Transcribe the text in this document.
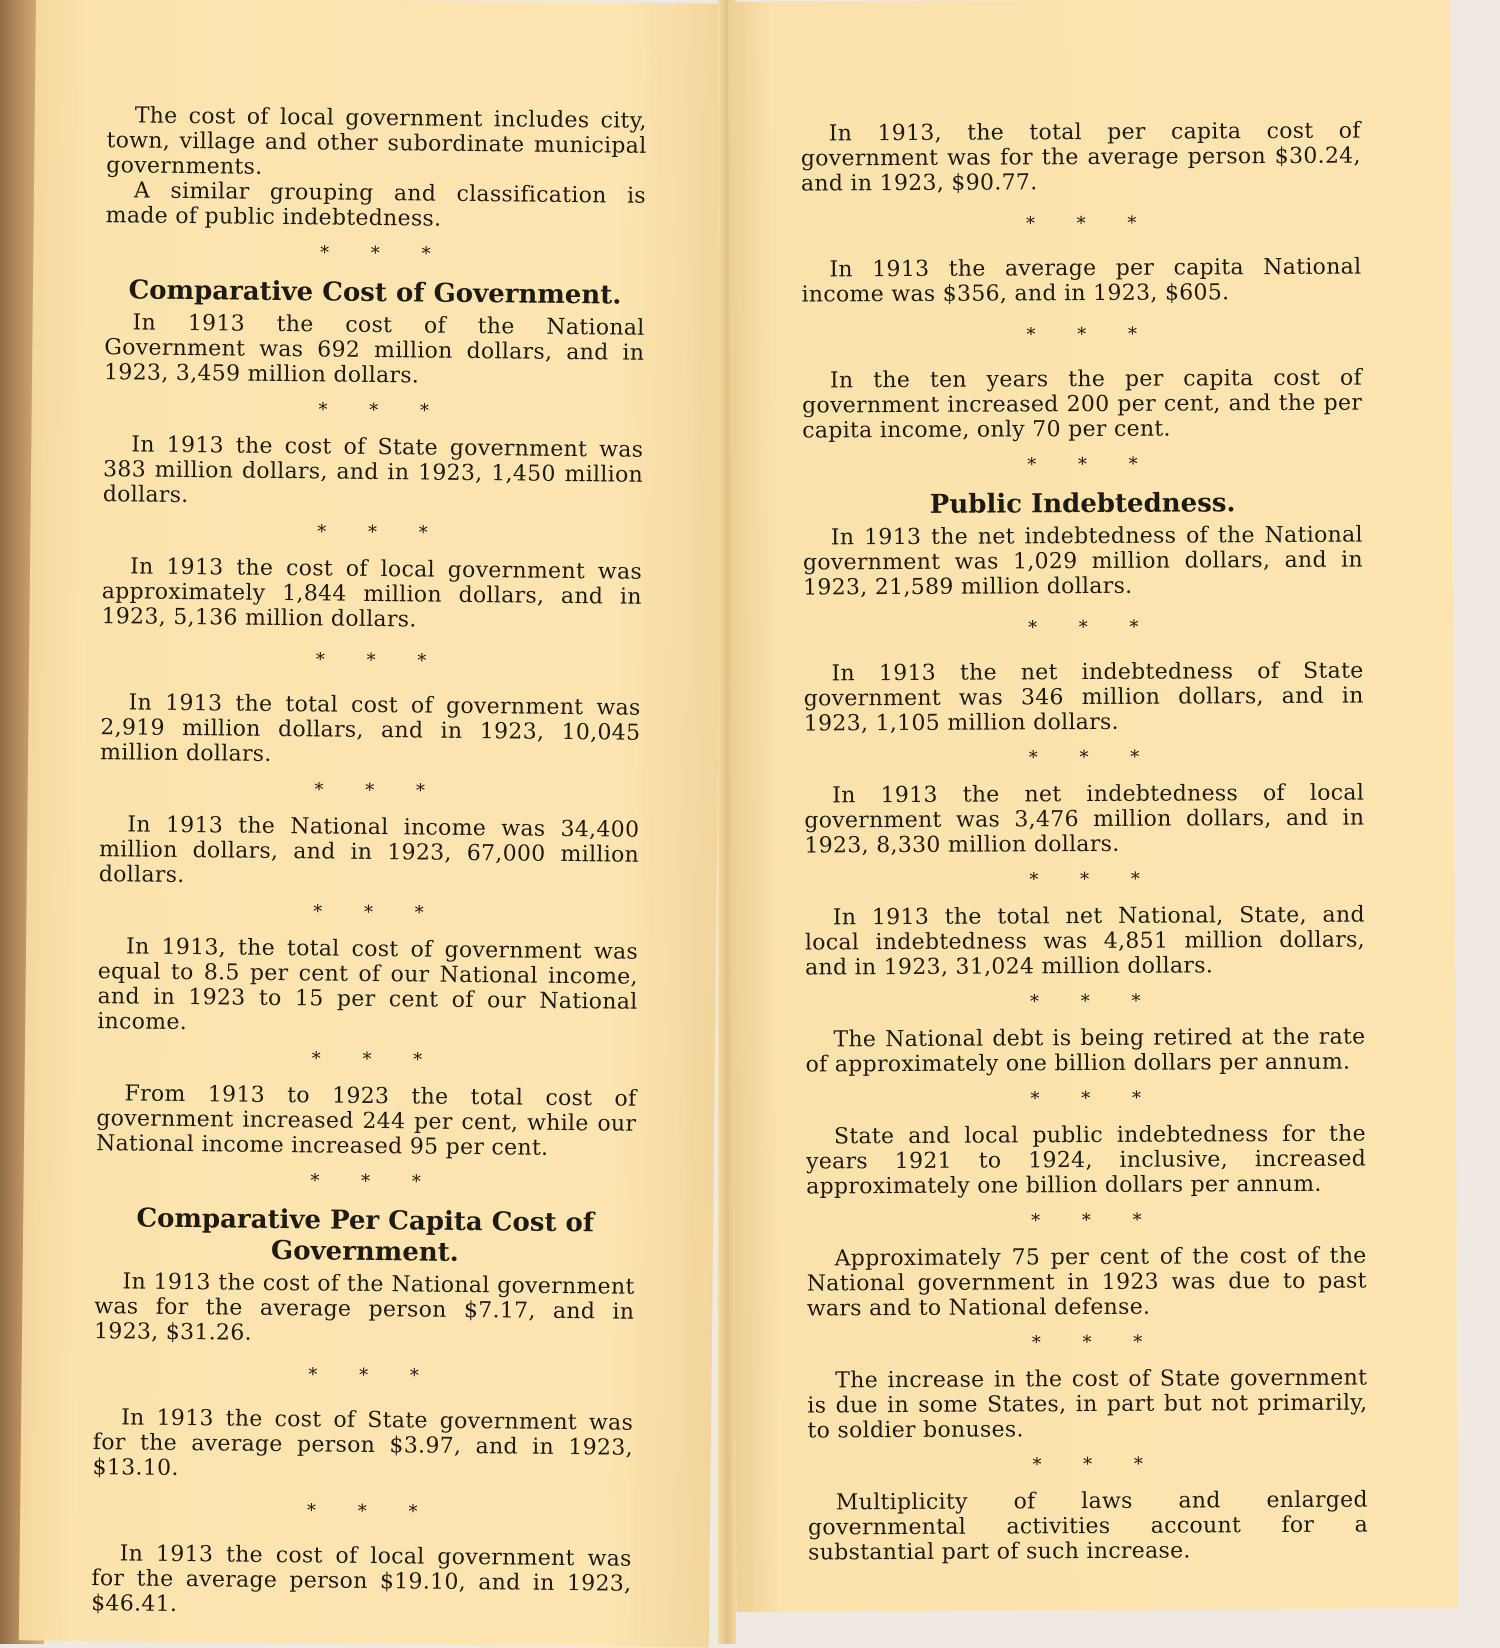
The cost of local government includes city, town, village and other subordinate municipal governments.

A similar grouping and classification is made of public indebtedness.

* * *
Comparative Cost of Government.

In 1913 the cost of the National Government was 692 million dollars, and in 1923, 3,459 million dollars.

* * *

In 1913 the cost of State government was 383 million dollars, and in 1923, 1,450 million dollars.

* * *

In 1913 the cost of local government was approximately 1,844 million dollars, and in 1923, 5,136 million dollars.

* * *

In 1913 the total cost of government was 2,919 million dollars, and in 1923, 10,045 million dollars.

* * *

In 1913 the National income was 34,400 million dollars, and in 1923, 67,000 million dollars.

* * *

In 1913, the total cost of government was equal to 8.5 per cent of our National income, and in 1923 to 15 per cent of our National income.

* * *

From 1913 to 1923 the total cost of government increased 244 per cent, while our National income increased 95 per cent.

* * *
Comparative Per Capita Cost of
Government.

In 1913 the cost of the National government was for the average person $7.17, and in 1923, $31.26.

* * *

In 1913 the cost of State government was for the average person $3.97, and in 1923, $13.10.

* * *

In 1913 the cost of local government was for the average person $19.10, and in 1923, $46.41.

In 1913, the total per capita cost of government was for the average person $30.24, and in 1923, $90.77.

* * *

In 1913 the average per capita National income was $356, and in 1923, $605.

* * *

In the ten years the per capita cost of government increased 200 per cent, and the per capita income, only 70 per cent.

* * *
Public Indebtedness.

In 1913 the net indebtedness of the National government was 1,029 million dollars, and in 1923, 21,589 million dollars.

* * *

In 1913 the net indebtedness of State government was 346 million dollars, and in 1923, 1,105 million dollars.

* * *

In 1913 the net indebtedness of local government was 3,476 million dollars, and in 1923, 8,330 million dollars.

* * *

In 1913 the total net National, State, and local indebtedness was 4,851 million dollars, and in 1923, 31,024 million dollars.

* * *

The National debt is being retired at the rate of approximately one billion dollars per annum.

* * *

State and local public indebtedness for the years 1921 to 1924, inclusive, increased approximately one billion dollars per annum.

* * *

Approximately 75 per cent of the cost of the National government in 1923 was due to past wars and to National defense.

* * *

The increase in the cost of State government is due in some States, in part but not primarily, to soldier bonuses.

* * *

Multiplicity of laws and enlarged governmental activities account for a substantial part of such increase.
